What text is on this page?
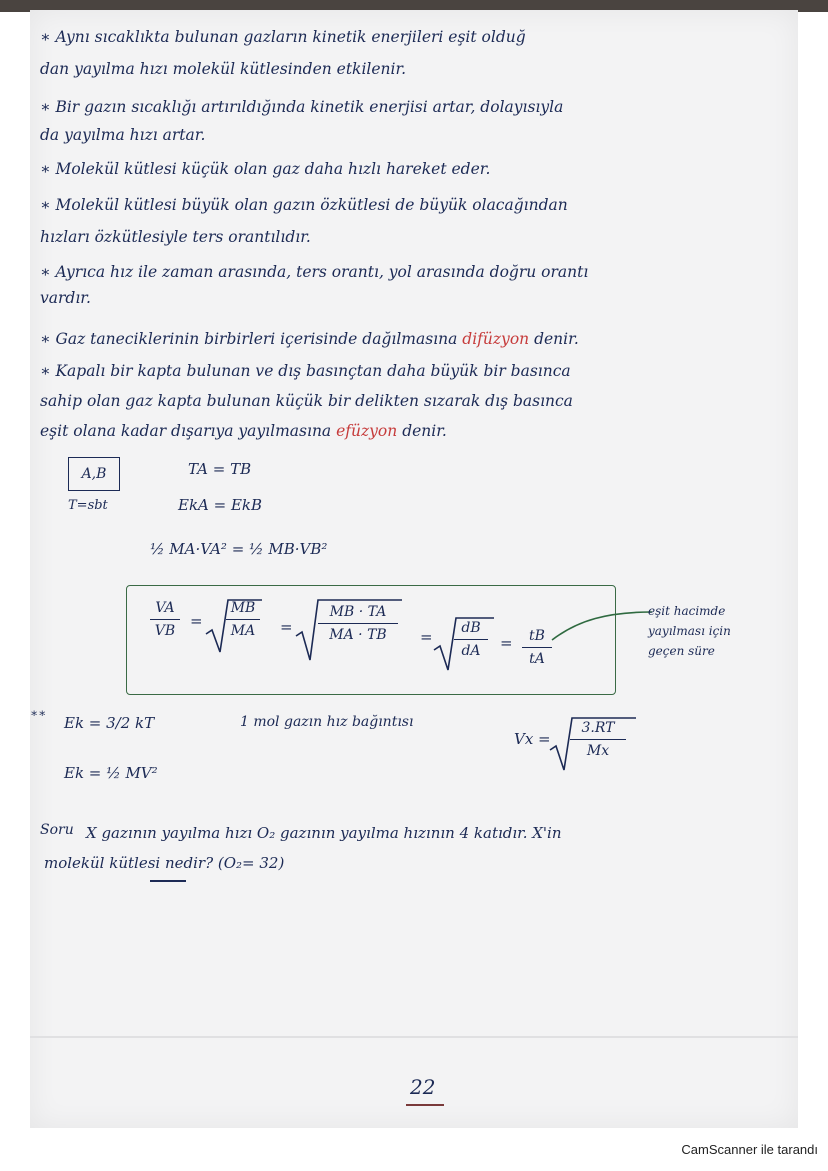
∗ Aynı sıcaklıkta bulunan gazların kinetik enerjileri eşit olduğ
dan yayılma hızı molekül kütlesinden etkilenir.
∗ Bir gazın sıcaklığı artırıldığında kinetik enerjisi artar, dolayısıyla
da yayılma hızı artar.
∗ Molekül kütlesi küçük olan gaz daha hızlı hareket eder.
∗ Molekül kütlesi büyük olan gazın özkütlesi de büyük olacağından
hızları özkütlesiyle ters orantılıdır.
∗ Ayrıca hız ile zaman arasında, ters orantı, yol arasında doğru orantı
vardır.
∗ Gaz taneciklerinin birbirleri içerisinde dağılmasına difüzyon denir.
∗ Kapalı bir kapta bulunan ve dış basınçtan daha büyük bir basınca
sahip olan gaz kapta bulunan küçük bir delikten sızarak dış basınca
eşit olana kadar dışarıya yayılmasına efüzyon denir.
A,B
T=sbt
TA = TB
EkA = EkB
½ MA·VA² = ½ MB·VB²
VA
VB
=
MB
MA =
MB · TA
MA · TB = dB
dA = tB
tA
eşit hacimde
yayılması için
geçen süre
∗∗
Ek = 3/2 kT
Ek = ½ MV²
1 mol gazın hız bağıntısı
Vx =
3.RT
Mx
Soru X gazının yayılma hızı O₂ gazının yayılma hızının 4 katıdır. X'in
molekül kütlesi nedir? (O₂= 32)
22
CamScanner ile tarandı
